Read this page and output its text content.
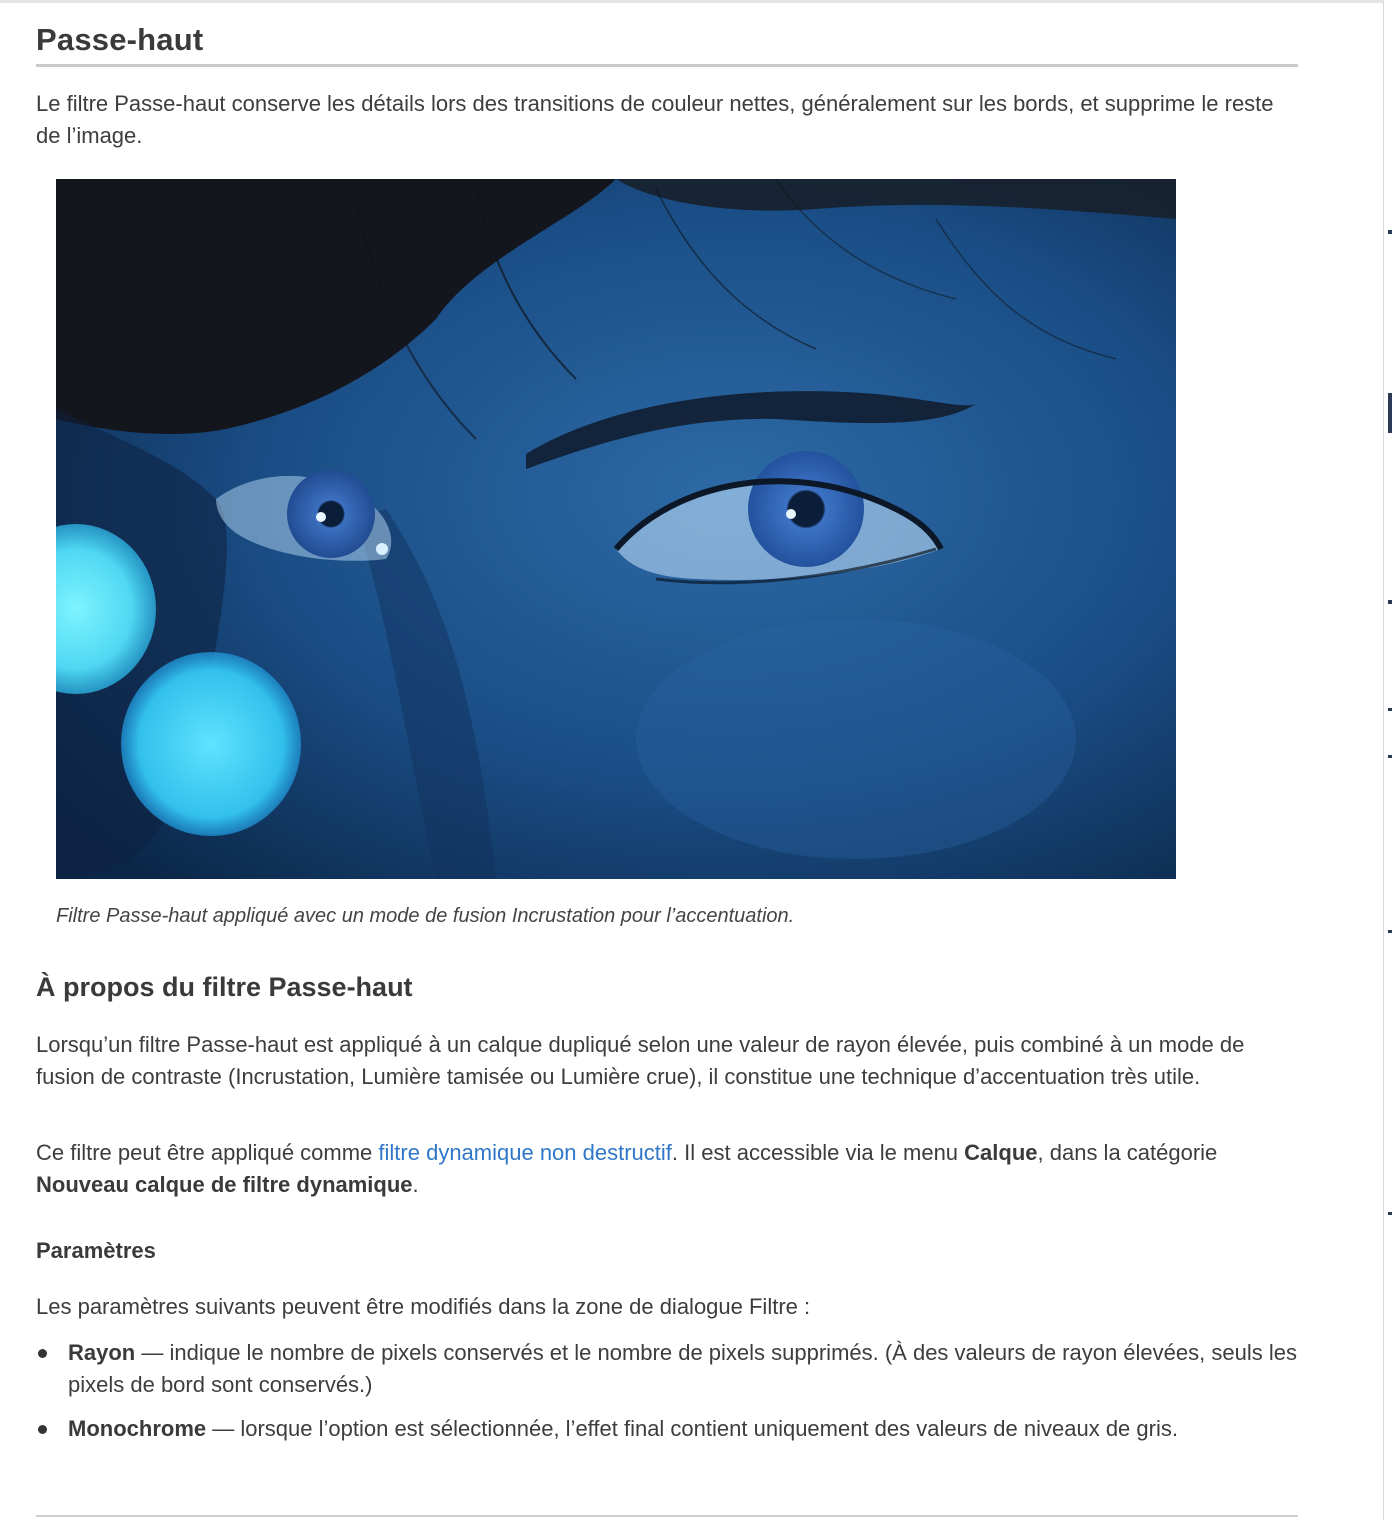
Passe-haut

Le filtre Passe-haut conserve les détails lors des transitions de couleur nettes, généralement sur les bords, et supprime le reste de l’image.

Filtre Passe-haut appliqué avec un mode de fusion Incrustation pour l’accentuation.
À propos du filtre Passe-haut

Lorsqu’un filtre Passe-haut est appliqué à un calque dupliqué selon une valeur de rayon élevée, puis combiné à un mode de fusion de contraste (Incrustation, Lumière tamisée ou Lumière crue), il constitue une technique d’accentuation très utile.

Ce filtre peut être appliqué comme filtre dynamique non destructif. Il est accessible via le menu Calque, dans la catégorie Nouveau calque de filtre dynamique.

Paramètres

Les paramètres suivants peuvent être modifiés dans la zone de dialogue Filtre :

Rayon — indique le nombre de pixels conservés et le nombre de pixels supprimés. (À des valeurs de rayon élevées, seuls les pixels de bord sont conservés.)
Monochrome — lorsque l’option est sélectionnée, l’effet final contient uniquement des valeurs de niveaux de gris.
